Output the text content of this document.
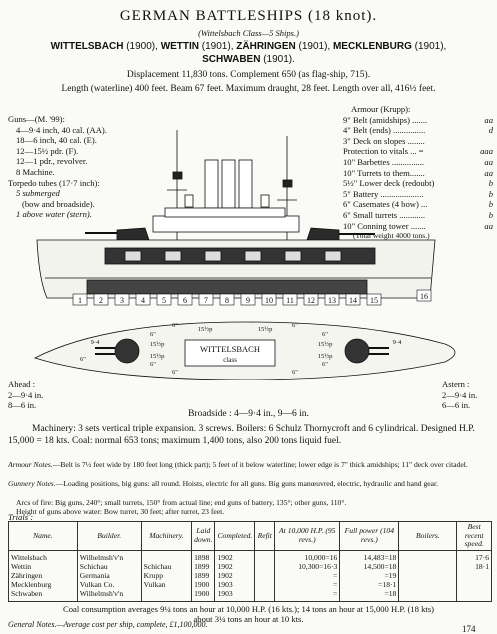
GERMAN BATTLESHIPS (18 knot).
(Wittelsbach Class—5 Ships.)
WITTELSBACH (1900), WETTIN (1901), ZÄHRINGEN (1901), MECKLENBURG (1901),
SCHWABEN (1901).
Displacement 11,830 tons. Complement 650 (as flag-ship, 715).
Length (waterline) 400 feet. Beam 67 feet. Maximum draught, 28 feet. Length over all, 416½ feet.
Guns—(M. '99):
4—9·4 inch, 40 cal. (AA).
18—6 inch, 40 cal. (E).
12—15½ pdr. (F).
12—1 pdr., revolver.
8 Machine.
Torpedo tubes (17·7 inch):
5 submerged
(bow and broadside).
1 above water (stern).
Armour (Krupp):
9" Belt (amidships) .......	aa
4" Belt (ends) ...............	d
3" Deck on slopes ........
Protection to vitals ... =	aaa
10" Barbettes ...............	aa
10" Turrets to them.......	aa
5½" Lower deck (redoubt)	b
5" Battery ....................	b
6" Casemates (4 bow) ...	b
6" Small turrets ............	b
10" Conning tower .......	aa
(Total weight 4000 tons.)
1 2 3 4 5 6 7 8 9 10 11 12 13 14 15	16
WITTELSBACH
class
6"
15½p	15½p
6"
6"	6"
15½p	15½p
9·4	9·4
6"	6"
6"
15½p	15½p
6"
6"
Ahead :
2—9·4 in.
8—6 in.
Astern :
2—9·4 in.
6—6 in.
Broadside : 4—9·4 in., 9—6 in.
Machinery: 3 sets vertical triple expansion. 3 screws. Boilers: 6 Schulz Thornycroft and 6 cylindrical. Designed H.P. 15,000 = 18 kts. Coal: normal 653 tons; maximum 1,400 tons, also 200 tons liquid fuel.
Armour Notes.—Belt is 7½ feet wide by 180 feet long (thick part); 5 feet of it below waterline; lower edge is 7" thick amidships; 11" deck over citadel.
Gunnery Notes.—Loading positions, big guns: all round. Hoists, electric for all guns. Big guns manœuvred, electric, hydraulic and hand gear.
Arcs of fire: Big guns, 240°; small turrets, 150° from actual line; end guns of battery, 135°; other guns, 110°.
Height of guns above water: Bow turret, 30 feet; after turret, 23 feet.
Trials :
Name.	Builder.	Machinery.	Laid down.	Completed.	Refit	At 10,000 H.P. (95 revs.)	Full power (104 revs.)	Boilers.	Best recent speed.
Wittelsbach	Wilhelmsh'v'n		1898	1902		10,000=16	14,483=18		17·6
Wettin	Schichau	Schichau	1899	1902		10,300=16·3	14,500=18		18·1
Zähringen	Germania	Krupp	1899	1902		=	=19		
Mecklenburg	Vulkan Co.	Vulkan	1900	1903		=	=18·1		
Schwaben	Wilhelmsh'v'n		1900	1903		=	=18		
Coal consumption averages 9¼ tons an hour at 10,000 H.P. (16 kts.); 14 tons an hour at 15,000 H.P. (18 kts)
about 3¼ tons an hour at 10 kts.
General Notes.—Average cost per ship, complete, £1,100,000.	174
